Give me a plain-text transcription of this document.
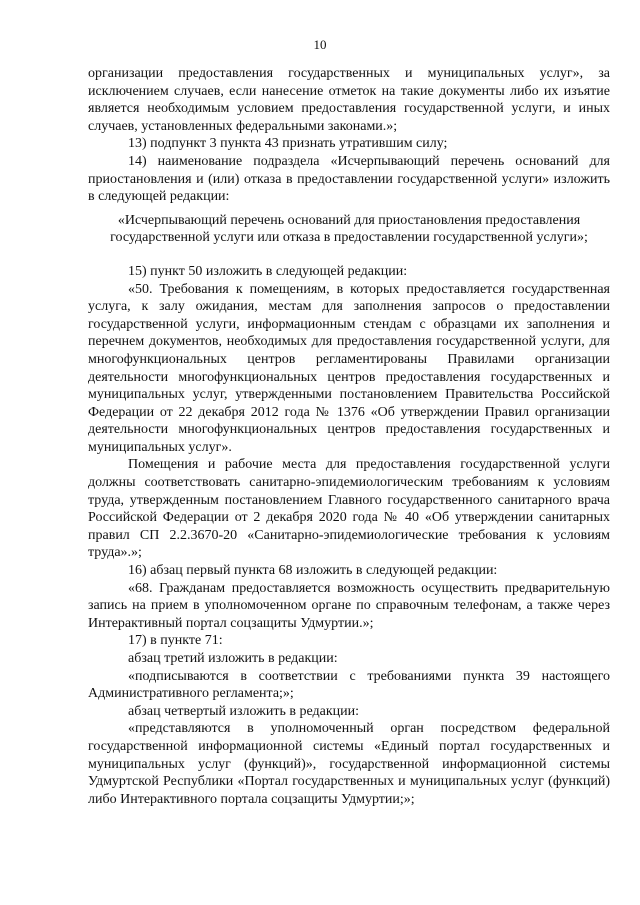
10

организации предоставления государственных и муниципальных услуг», за исключением случаев, если нанесение отметок на такие документы либо их изъятие является необходимым условием предоставления государственной услуги, и иных случаев, установленных федеральными законами.»;

13) подпункт 3 пункта 43 признать утратившим силу;

14) наименование подраздела «Исчерпывающий перечень оснований для приостановления и (или) отказа в предоставлении государственной услуги» изложить в следующей редакции:

«Исчерпывающий перечень оснований для приостановления предоставления государственной услуги или отказа в предоставлении государственной услуги»;

15) пункт 50 изложить в следующей редакции:

«50. Требования к помещениям, в которых предоставляется государственная услуга, к залу ожидания, местам для заполнения запросов о предоставлении государственной услуги, информационным стендам с образцами их заполнения и перечнем документов, необходимых для предоставления государственной услуги, для многофункциональных центров регламентированы Правилами организации деятельности многофункциональных центров предоставления государственных и муниципальных услуг, утвержденными постановлением Правительства Российской Федерации от 22 декабря 2012 года № 1376 «Об утверждении Правил организации деятельности многофункциональных центров предоставления государственных и муниципальных услуг».

Помещения и рабочие места для предоставления государственной услуги должны соответствовать санитарно-эпидемиологическим требованиям к условиям труда, утвержденным постановлением Главного государственного санитарного врача Российской Федерации от 2 декабря 2020 года № 40 «Об утверждении санитарных правил СП 2.2.3670-20 «Санитарно-эпидемиологические требования к условиям труда».»;

16) абзац первый пункта 68 изложить в следующей редакции:

«68. Гражданам предоставляется возможность осуществить предварительную запись на прием в уполномоченном органе по справочным телефонам, а также через Интерактивный портал соцзащиты Удмуртии.»;

17) в пункте 71:

абзац третий изложить в редакции:

«подписываются в соответствии с требованиями пункта 39 настоящего Административного регламента;»;

абзац четвертый изложить в редакции:

«представляются в уполномоченный орган посредством федеральной государственной информационной системы «Единый портал государственных и муниципальных услуг (функций)», государственной информационной системы Удмуртской Республики «Портал государственных и муниципальных услуг (функций) либо Интерактивного портала соцзащиты Удмуртии;»;
